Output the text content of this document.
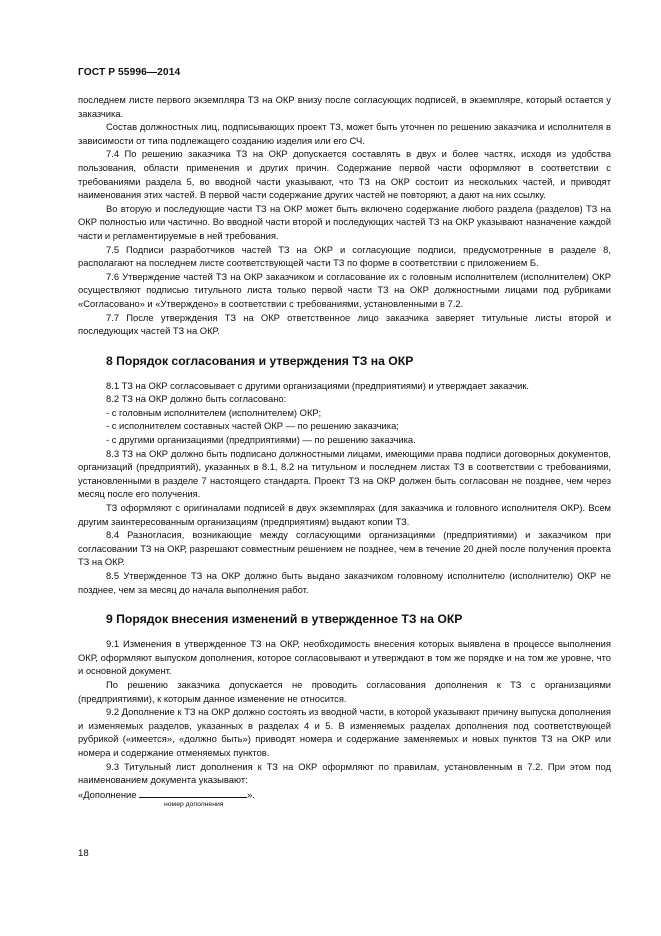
ГОСТ Р 55996—2014

последнем листе первого экземпляра ТЗ на ОКР внизу после согласующих подписей, в экземпляре, который остается у заказчика.

Состав должностных лиц, подписывающих проект ТЗ, может быть уточнен по решению заказчика и исполнителя в зависимости от типа подлежащего созданию изделия или его СЧ.

7.4 По решению заказчика ТЗ на ОКР допускается составлять в двух и более частях, исходя из удобства пользования, области применения и других причин. Содержание первой части оформляют в соответствии с требованиями раздела 5, во вводной части указывают, что ТЗ на ОКР состоит из нескольких частей, и приводят наименования этих частей. В первой части содержание других частей не повторяют, а дают на них ссылку.

Во вторую и последующие части ТЗ на ОКР может быть включено содержание любого раздела (разделов) ТЗ на ОКР полностью или частично. Во вводной части второй и последующих частей ТЗ на ОКР указывают назначение каждой части и регламентируемые в ней требования.

7.5 Подписи разработчиков частей ТЗ на ОКР и согласующие подписи, предусмотренные в разделе 8, располагают на последнем листе соответствующей части ТЗ по форме в соответствии с приложением Б.

7.6 Утверждение частей ТЗ на ОКР заказчиком и согласование их с головным исполнителем (исполнителем) ОКР осуществляют подписью титульного листа только первой части ТЗ на ОКР должностными лицами под рубриками «Согласовано» и «Утверждено» в соответствии с требованиями, установленными в 7.2.

7.7 После утверждения ТЗ на ОКР ответственное лицо заказчика заверяет титульные листы второй и последующих частей ТЗ на ОКР.

8 Порядок согласования и утверждения ТЗ на ОКР

8.1 ТЗ на ОКР согласовывает с другими организациями (предприятиями) и утверждает заказчик.

8.2 ТЗ на ОКР должно быть согласовано:

- с головным исполнителем (исполнителем) ОКР;

- с исполнителем составных частей ОКР — по решению заказчика;

- с другими организациями (предприятиями) — по решению заказчика.

8.3 ТЗ на ОКР должно быть подписано должностными лицами, имеющими права подписи договорных документов, организаций (предприятий), указанных в 8.1, 8.2 на титульном и последнем листах ТЗ в соответствии с требованиями, установленными в разделе 7 настоящего стандарта. Проект ТЗ на ОКР должен быть согласован не позднее, чем через месяц после его получения.

ТЗ оформляют с оригиналами подписей в двух экземплярах (для заказчика и головного исполнителя ОКР). Всем другим заинтересованным организациям (предприятиям) выдают копии ТЗ.

8.4 Разногласия, возникающие между согласующими организациями (предприятиями) и заказчиком при согласовании ТЗ на ОКР, разрешают совместным решением не позднее, чем в течение 20 дней после получения проекта ТЗ на ОКР.

8.5 Утвержденное ТЗ на ОКР должно быть выдано заказчиком головному исполнителю (исполнителю) ОКР не позднее, чем за месяц до начала выполнения работ.

9 Порядок внесения изменений в утвержденное ТЗ на ОКР

9.1 Изменения в утвержденное ТЗ на ОКР, необходимость внесения которых выявлена в процессе выполнения ОКР, оформляют выпуском дополнения, которое согласовывают и утверждают в том же порядке и на том же уровне, что и основной документ.

По решению заказчика допускается не проводить согласования дополнения к ТЗ с организациями (предприятиями), к которым данное изменение не относится.

9.2 Дополнение к ТЗ на ОКР должно состоять из вводной части, в которой указывают причину выпуска дополнения и изменяемых разделов, указанных в разделах 4 и 5. В изменяемых разделах дополнения под соответствующей рубрикой («имеется», «должно быть») приводят номера и содержание заменяемых и новых пунктов ТЗ на ОКР или номера и содержание отменяемых пунктов.

9.3 Титульный лист дополнения к ТЗ на ОКР оформляют по правилам, установленным в 7.2. При этом под наименованием документа указывают:

«Дополнение	».

номер дополнения
18
